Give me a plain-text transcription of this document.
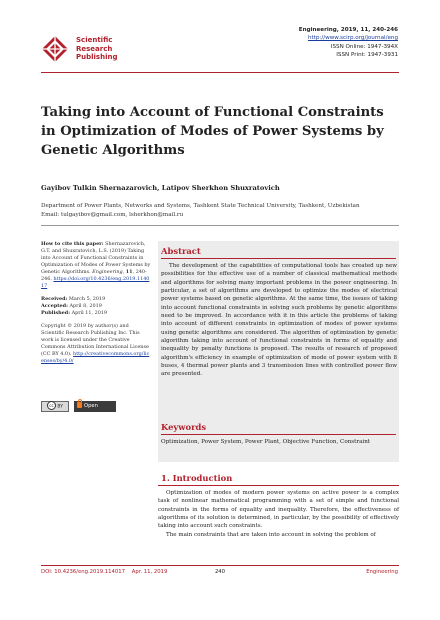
Scientific
Research
Publishing
Engineering, 2019, 11, 240-246
http://www.scirp.org/journal/eng
ISSN Online: 1947-394X
ISSN Print: 1947-3931
Taking into Account of Functional Constraints in Optimization of Modes of Power Systems by Genetic Algorithms
Gayibov Tulkin Shernazarovich, Latipov Sherkhon Shuxratovich
Department of Power Plants, Networks and Systems, Tashkent State Technical University, Tashkent, Uzbekistan
Email: tulgayibov@gmail.com, lsherkhon@mail.ru
How to cite this paper: Shernazarovich, G.T. and Shuxratovich, L.S. (2019) Taking into Account of Functional Constraints in Optimization of Modes of Power Systems by Genetic Algorithms. Engineering, 11, 240-246. https://doi.org/10.4236/eng.2019.114017
Received: March 5, 2019
Accepted: April 8, 2019
Published: April 11, 2019
Copyright © 2019 by author(s) and Scientific Research Publishing Inc. This work is licensed under the Creative Commons Attribution International License (CC BY 4.0). http://creativecommons.org/licenses/by/4.0/
cc BY	Open Access
Abstract

The development of the capabilities of computational tools has created up new possibilities for the effective use of a number of classical mathematical methods and algorithms for solving many important problems in the power engineering. In particular, a set of algorithms are developed to optimize the modes of electrical power systems based on genetic algorithms. At the same time, the issues of taking into account functional constraints in solving such problems by genetic algorithms need to be improved. In accordance with it in this article the problems of taking into account of different constraints in optimization of modes of power systems using genetic algorithms are considered. The algorithm of optimization by genetic algorithm taking into account of functional constraints in forms of equality and inequality by penalty functions is proposed. The results of research of proposed algorithm's efficiency in example of optimization of mode of power system with 8 buses, 4 thermal power plants and 3 transmission lines with controlled power flow are presented.

Keywords
Optimization, Power System, Power Plant, Objective Function, Constraint
1. Introduction

Optimization of modes of modern power systems on active power is a complex task of nonlinear mathematical programming with a set of simple and functional constraints in the forms of equality and inequality. Therefore, the effectiveness of algorithms of its solution is determined, in particular, by the possibility of effectively taking into account such constraints.

The main constraints that are taken into account in solving the problem of

DOI: 10.4236/eng.2019.114017    Apr. 11, 2019	240	Engineering
